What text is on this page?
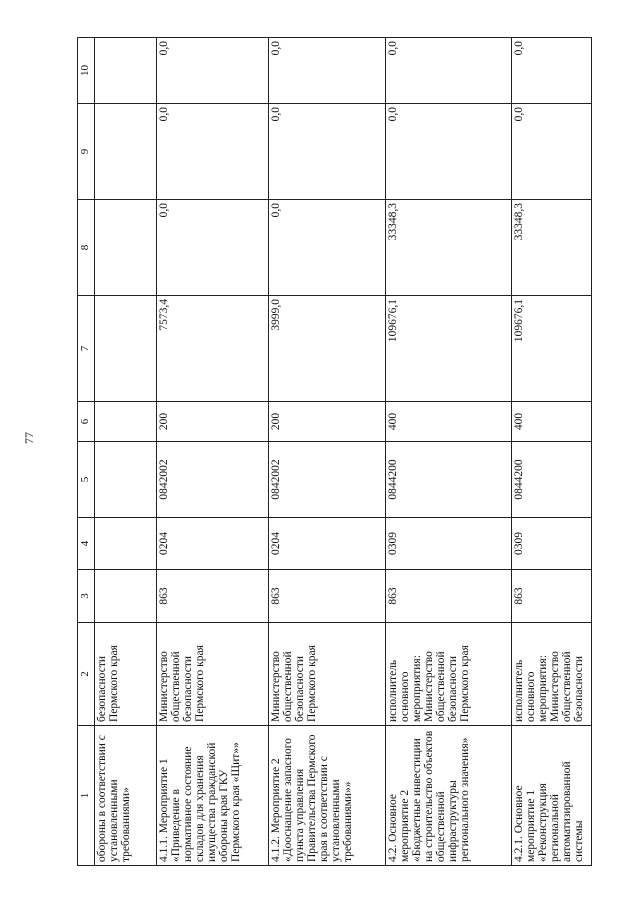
77
1	2	3	4	5	6	7	8	9	10
обороны в соответствии с установленными требованиями»	безопасности Пермского края								
4.1.1. Мероприятие 1 «Приведение в нормативное состояние складов для хранения имущества гражданской обороны края ГКУ Пермского края «Щит»»	Министерство общественной безопасности Пермского края	863	0204	0842002	200	7573,4	0,0	0,0	0,0
4.1.2. Мероприятие 2 «Дооснащение запасного пункта управления Правительства Пермского края в соответствии с установленными требованиями»»	Министерство общественной безопасности Пермского края	863	0204	0842002	200	3999,0	0,0	0,0	0,0
4.2. Основное мероприятие 2 «Бюджетные инвестиции на строительство объектов общественной инфраструктуры регионального значения»	исполнитель основного мероприятия: Министерство общественной безопасности Пермского края	863	0309	0844200	400	109676,1	33348,3	0,0	0,0
4.2.1. Основное мероприятие 1 «Реконструкция региональной автоматизированной системы	исполнитель основного мероприятия: Министерство общественной безопасности	863	0309	0844200	400	109676,1	33348,3	0,0	0,0
